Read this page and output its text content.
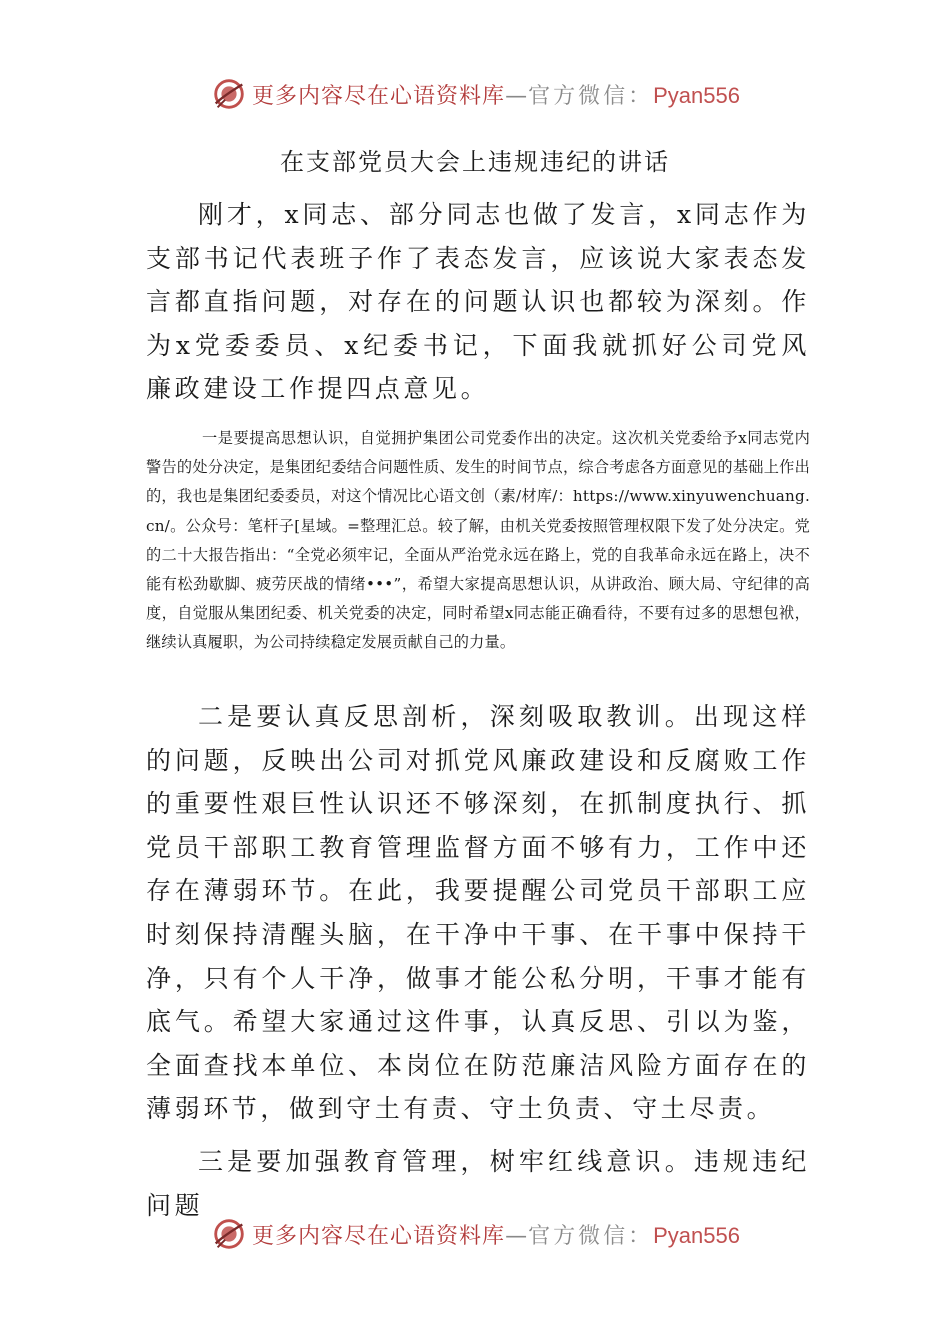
更多内容尽在心语资料库—官方微信：Pyan556
在支部党员大会上违规违纪的讲话

刚才，x同志、部分同志也做了发言，x同志作为支部书记代表班子作了表态发言，应该说大家表态发言都直指问题，对存在的问题认识也都较为深刻。作为x党委委员、x纪委书记，下面我就抓好公司党风廉政建设工作提四点意见。

一是要提高思想认识，自觉拥护集团公司党委作出的决定。这次机关党委给予x同志党内警告的处分决定，是集团纪委结合问题性质、发生的时间节点，综合考虑各方面意见的基础上作出的，我也是集团纪委委员，对这个情况比心语文创（素/材库/：https://www.xinyuwenchuang.cn/。公众号：笔杆子[星域。=整理汇总。较了解，由机关党委按照管理权限下发了处分决定。党的二十大报告指出：“全党必须牢记，全面从严治党永远在路上，党的自我革命永远在路上，决不能有松劲歇脚、疲劳厌战的情绪•••”，希望大家提高思想认识，从讲政治、顾大局、守纪律的高度，自觉服从集团纪委、机关党委的决定，同时希望x同志能正确看待，不要有过多的思想包袱，继续认真履职，为公司持续稳定发展贡献自己的力量。

二是要认真反思剖析，深刻吸取教训。出现这样的问题，反映出公司对抓党风廉政建设和反腐败工作的重要性艰巨性认识还不够深刻，在抓制度执行、抓党员干部职工教育管理监督方面不够有力，工作中还存在薄弱环节。在此，我要提醒公司党员干部职工应时刻保持清醒头脑，在干净中干事、在干事中保持干净，只有个人干净，做事才能公私分明，干事才能有底气。希望大家通过这件事，认真反思、引以为鉴，全面查找本单位、本岗位在防范廉洁风险方面存在的薄弱环节，做到守土有责、守土负责、守土尽责。

三是要加强教育管理，树牢红线意识。违规违纪问题

更多内容尽在心语资料库—官方微信：Pyan556
